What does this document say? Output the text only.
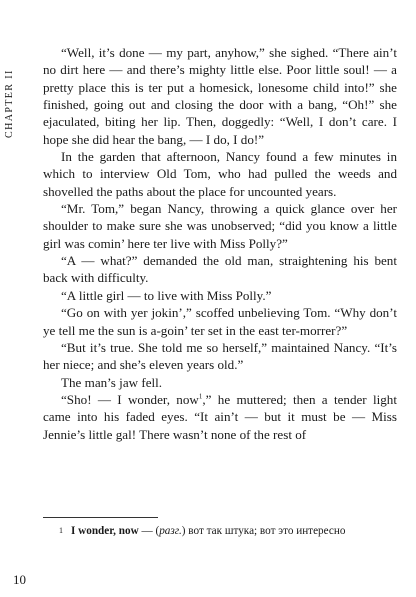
CHAPTER II

“Well, it’s done — my part, anyhow,” she sighed. “There ain’t no dirt here — and there’s mighty little else. Poor little soul! — a pretty place this is ter put a homesick, lonesome child into!” she finished, going out and closing the door with a bang, “Oh!” she ejaculated, biting her lip. Then, doggedly: “Well, I don’t care. I hope she did hear the bang, — I do, I do!”

In the garden that afternoon, Nancy found a few minutes in which to interview Old Tom, who had pulled the weeds and shovelled the paths about the place for uncounted years.

“Mr. Tom,” began Nancy, throwing a quick glance over her shoulder to make sure she was unobserved; “did you know a little girl was comin’ here ter live with Miss Polly?”

“A — what?” demanded the old man, straightening his bent back with difficulty.

“A little girl — to live with Miss Polly.”

“Go on with yer jokin’,” scoffed unbelieving Tom. “Why don’t ye tell me the sun is a-goin’ ter set in the east ter-morrer?”

“But it’s true. She told me so herself,” maintained Nancy. “It’s her niece; and she’s eleven years old.”

The man’s jaw fell.

“Sho! — I wonder, now$^1$,” he muttered; then a tender light came into his faded eyes. “It ain’t — but it must be — Miss Jennie’s little gal! There wasn’t none of the rest of

1 I wonder, now — (разг.) вот так штука; вот это интересно
10
